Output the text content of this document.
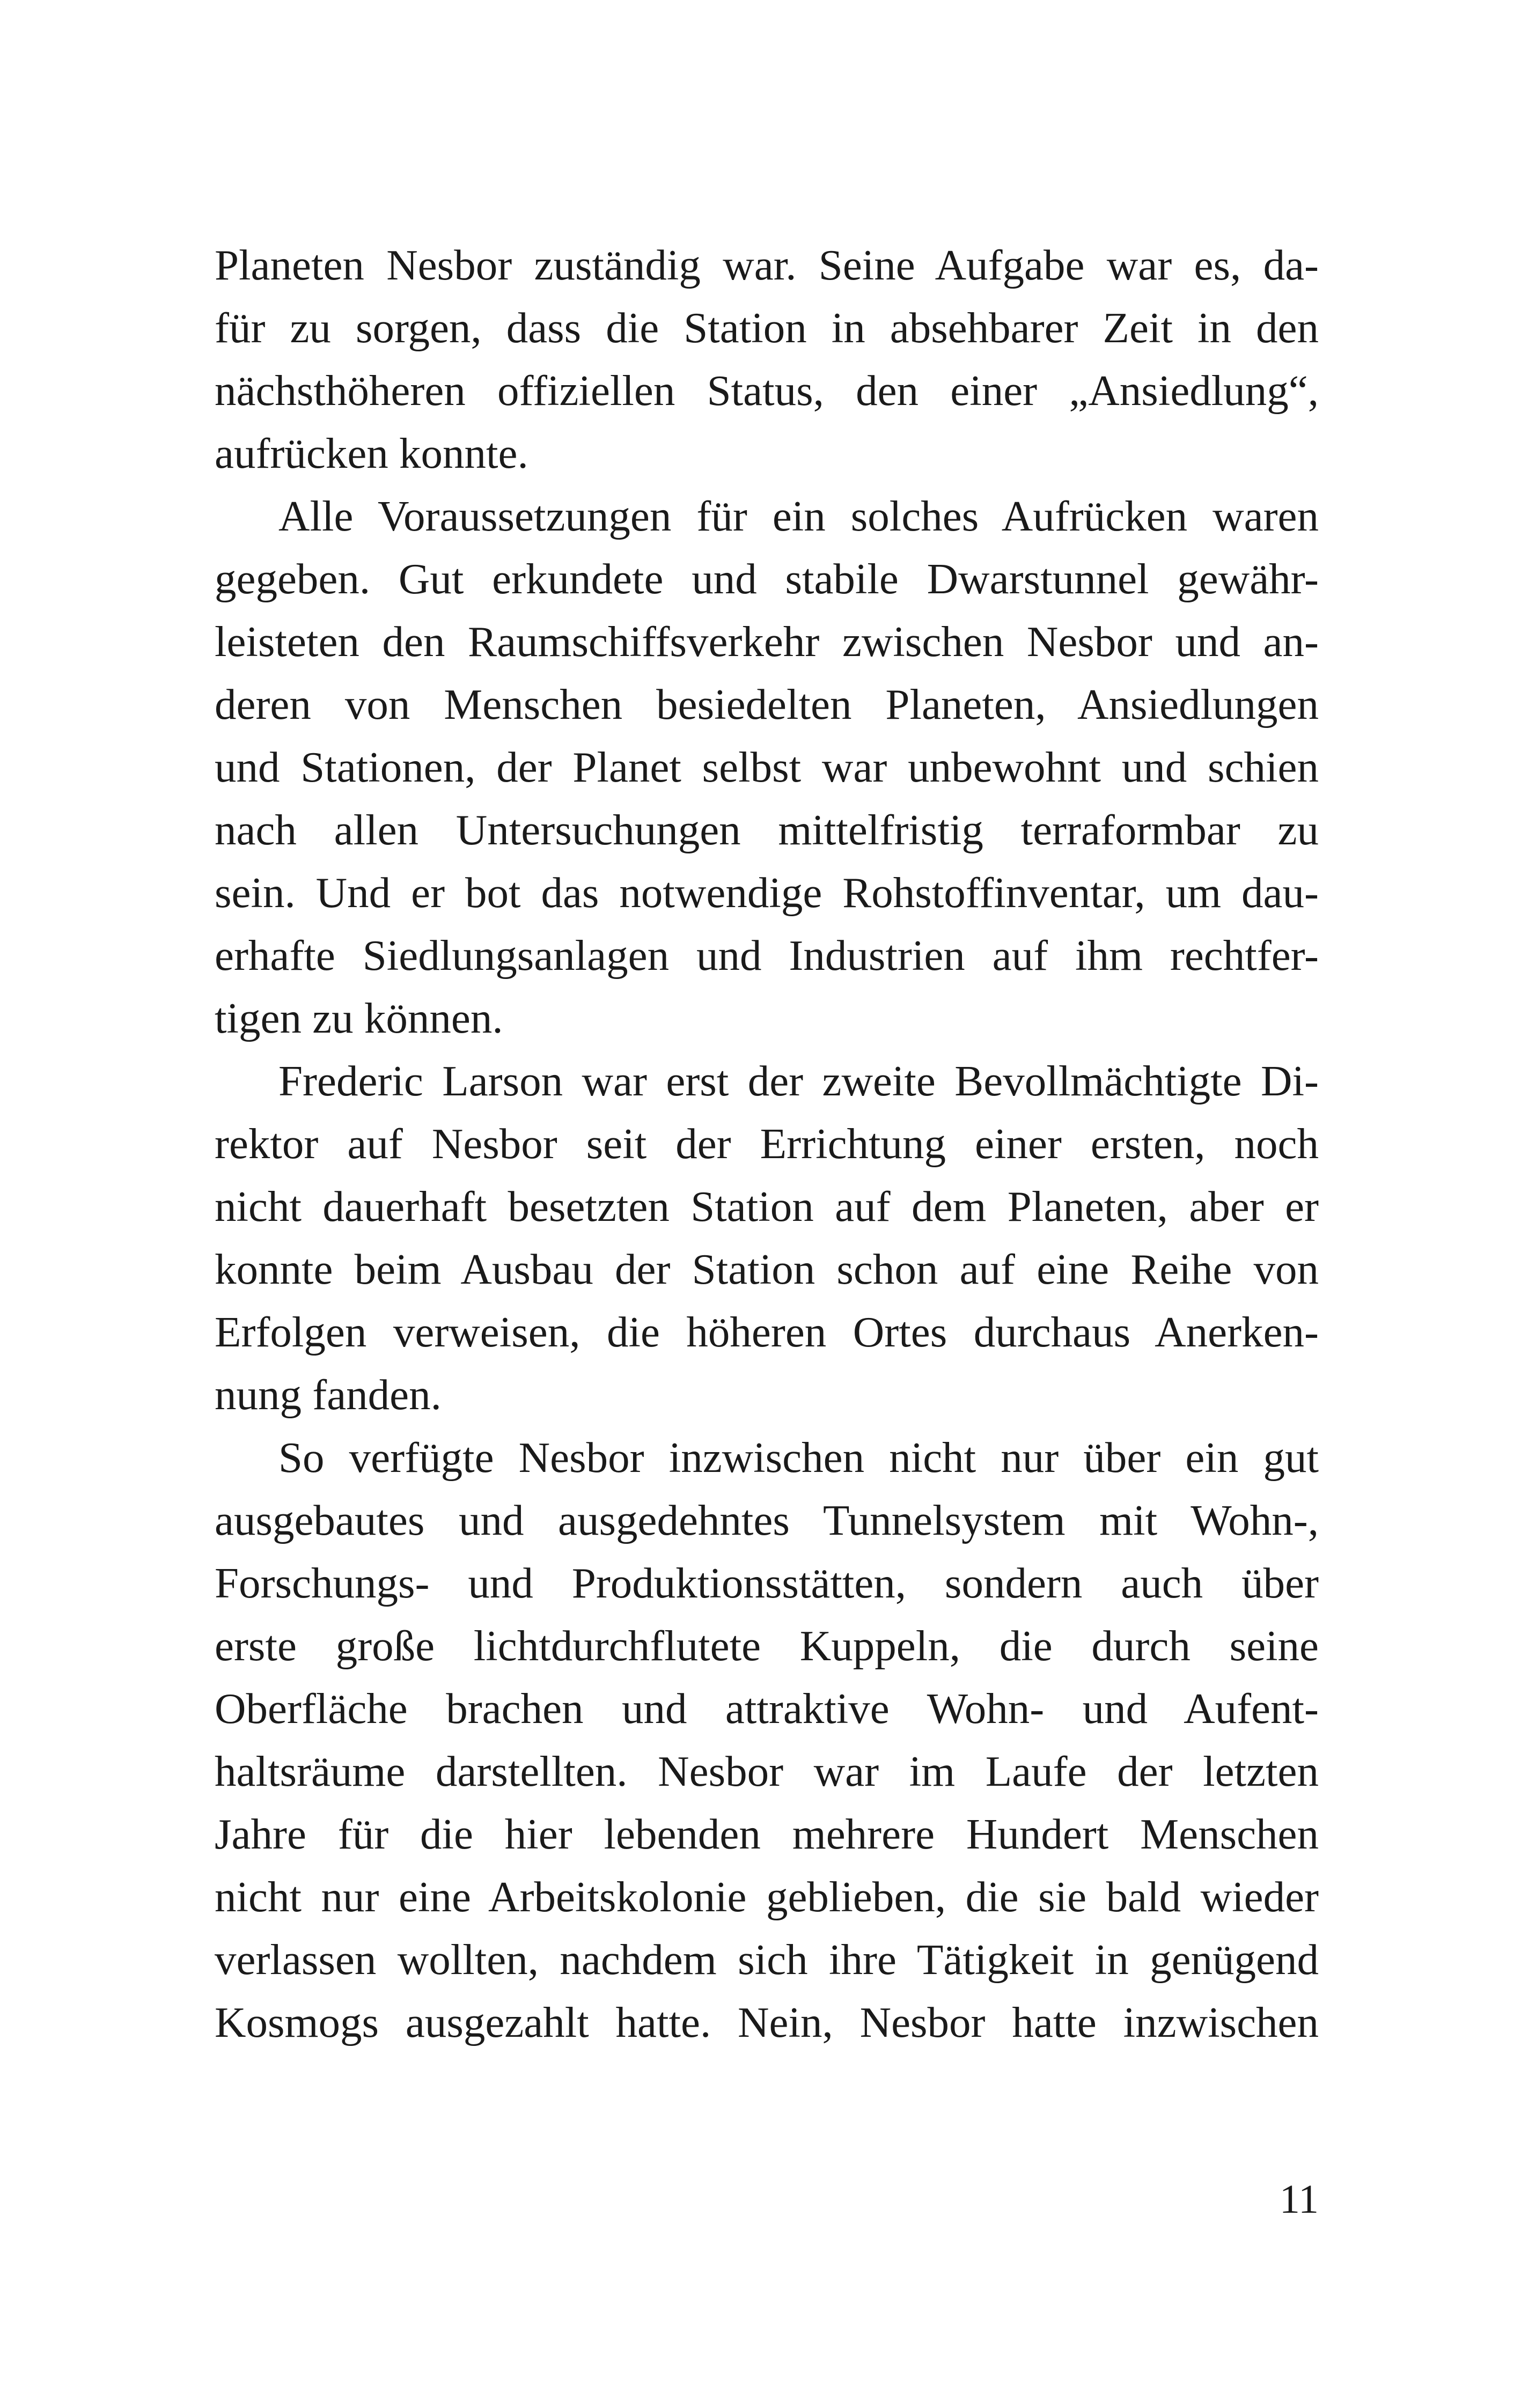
Planeten Nesbor zuständig war. Seine Aufgabe war es, da-
für zu sorgen, dass die Station in absehbarer Zeit in den
nächsthöheren offiziellen Status, den einer „Ansiedlung“,
aufrücken konnte.
Alle Voraussetzungen für ein solches Aufrücken waren
gegeben. Gut erkundete und stabile Dwarstunnel gewähr-
leisteten den Raumschiffsverkehr zwischen Nesbor und an-
deren von Menschen besiedelten Planeten, Ansiedlungen
und Stationen, der Planet selbst war unbewohnt und schien
nach allen Untersuchungen mittelfristig terraformbar zu
sein. Und er bot das notwendige Rohstoffinventar, um dau-
erhafte Siedlungsanlagen und Industrien auf ihm rechtfer-
tigen zu können.
Frederic Larson war erst der zweite Bevollmächtigte Di-
rektor auf Nesbor seit der Errichtung einer ersten, noch
nicht dauerhaft besetzten Station auf dem Planeten, aber er
konnte beim Ausbau der Station schon auf eine Reihe von
Erfolgen verweisen, die höheren Ortes durchaus Anerken-
nung fanden.
So verfügte Nesbor inzwischen nicht nur über ein gut
ausgebautes und ausgedehntes Tunnelsystem mit Wohn-,
Forschungs- und Produktionsstätten, sondern auch über
erste große lichtdurchflutete Kuppeln, die durch seine
Oberfläche brachen und attraktive Wohn- und Aufent-
haltsräume darstellten. Nesbor war im Laufe der letzten
Jahre für die hier lebenden mehrere Hundert Menschen
nicht nur eine Arbeitskolonie geblieben, die sie bald wieder
verlassen wollten, nachdem sich ihre Tätigkeit in genügend
Kosmogs ausgezahlt hatte. Nein, Nesbor hatte inzwischen
11
